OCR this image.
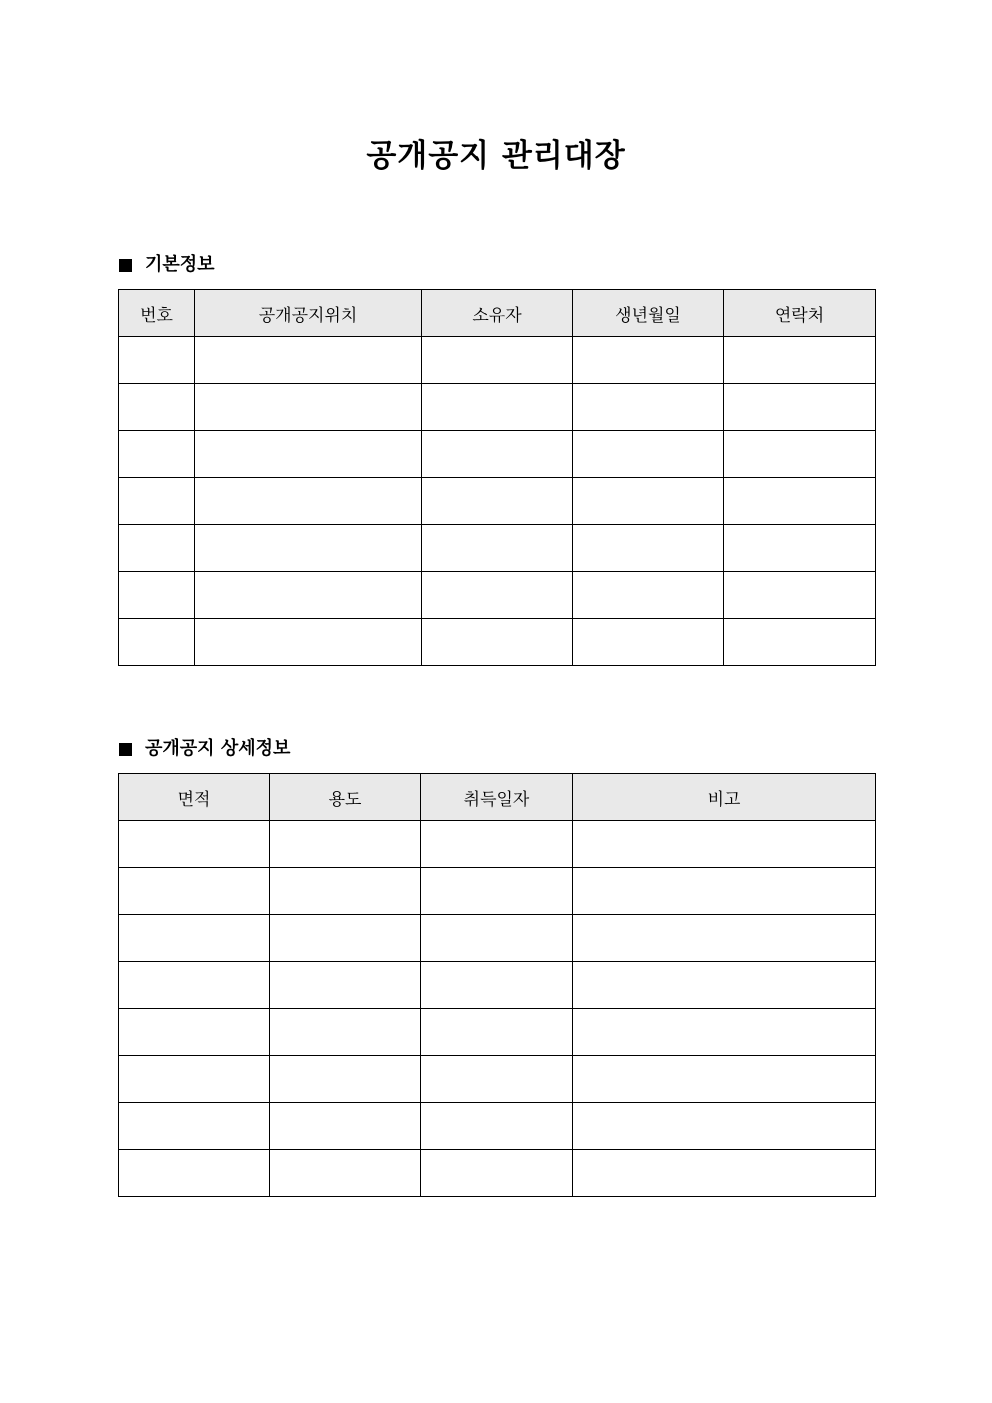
공개공지 관리대장
기본정보
번호	공개공지위치	소유자	생년월일	연락처

공개공지 상세정보
면적	용도	취득일자	비고
